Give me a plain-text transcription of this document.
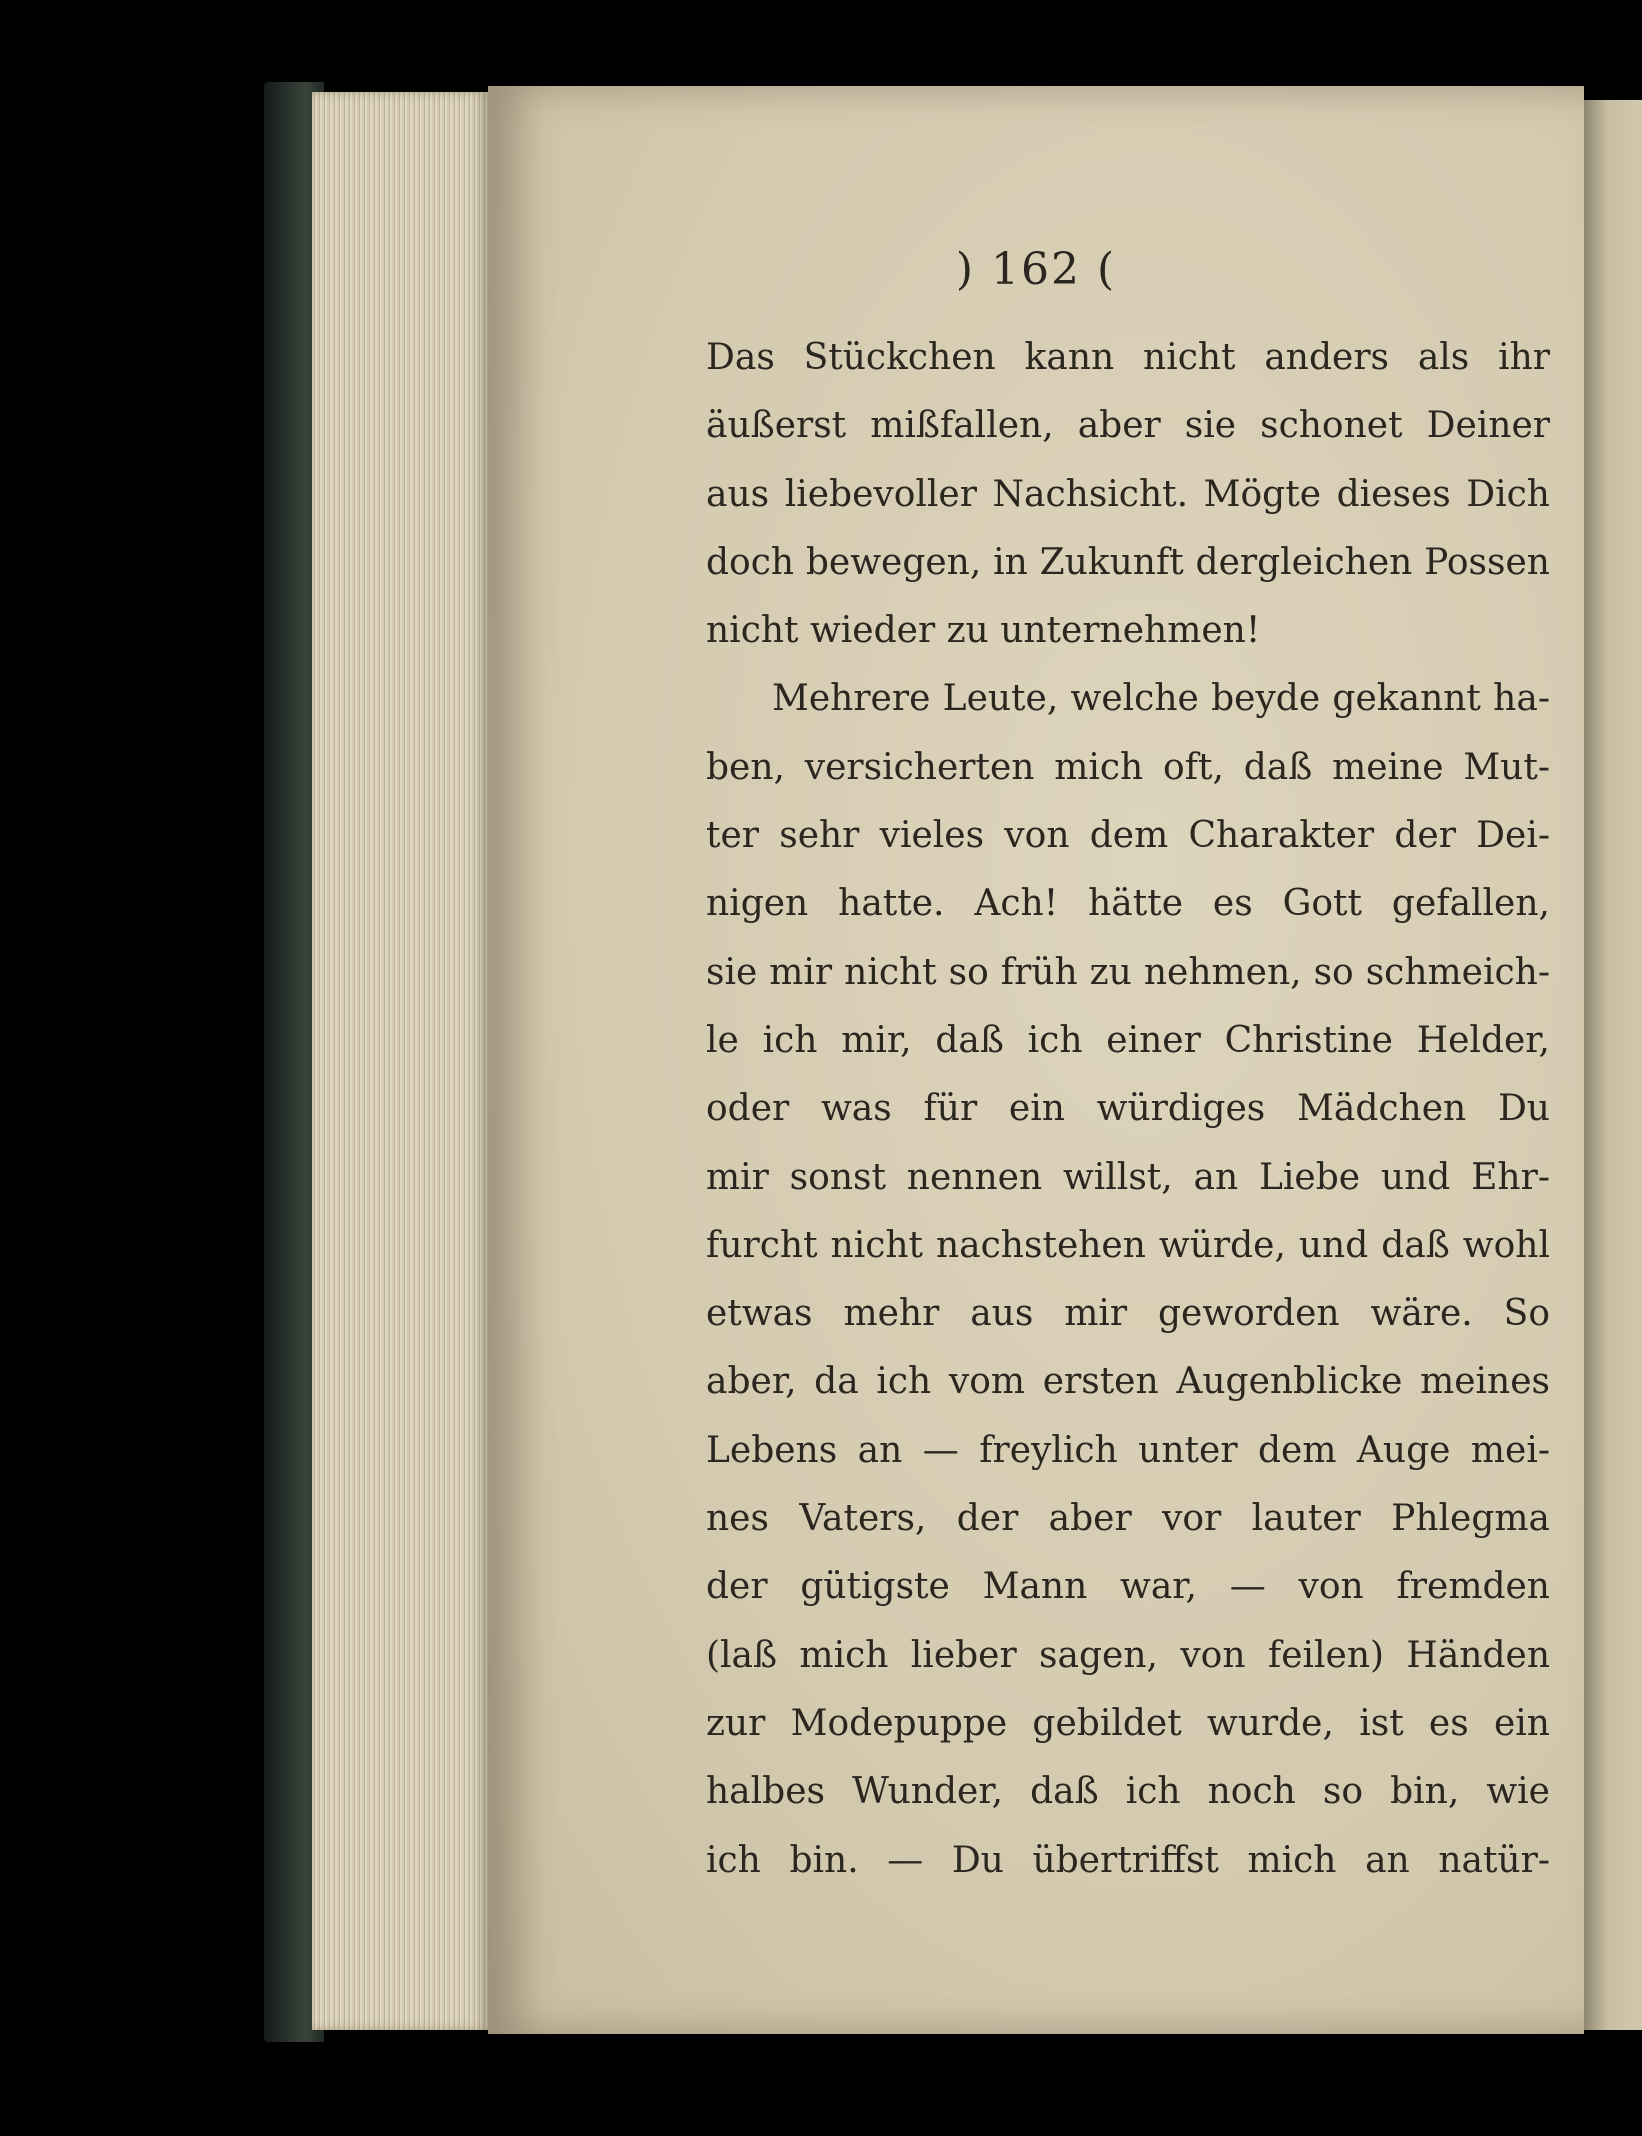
) 162 (
Das Stückchen kann nicht anders als ihr
äußerst mißfallen, aber sie schonet Deiner
aus liebevoller Nachsicht. Mögte dieses Dich
doch bewegen, in Zukunft dergleichen Possen
nicht wieder zu unternehmen!
Mehrere Leute, welche beyde gekannt ha-
ben, versicherten mich oft, daß meine Mut-
ter sehr vieles von dem Charakter der Dei-
nigen hatte. Ach! hätte es Gott gefallen,
sie mir nicht so früh zu nehmen, so schmeich-
le ich mir, daß ich einer Christine Helder,
oder was für ein würdiges Mädchen Du
mir sonst nennen willst, an Liebe und Ehr-
furcht nicht nachstehen würde, und daß wohl
etwas mehr aus mir geworden wäre. So
aber, da ich vom ersten Augenblicke meines
Lebens an — freylich unter dem Auge mei-
nes Vaters, der aber vor lauter Phlegma
der gütigste Mann war, — von fremden
(laß mich lieber sagen, von feilen) Händen
zur Modepuppe gebildet wurde, ist es ein
halbes Wunder, daß ich noch so bin, wie
ich bin. — Du übertriffst mich an natür-
